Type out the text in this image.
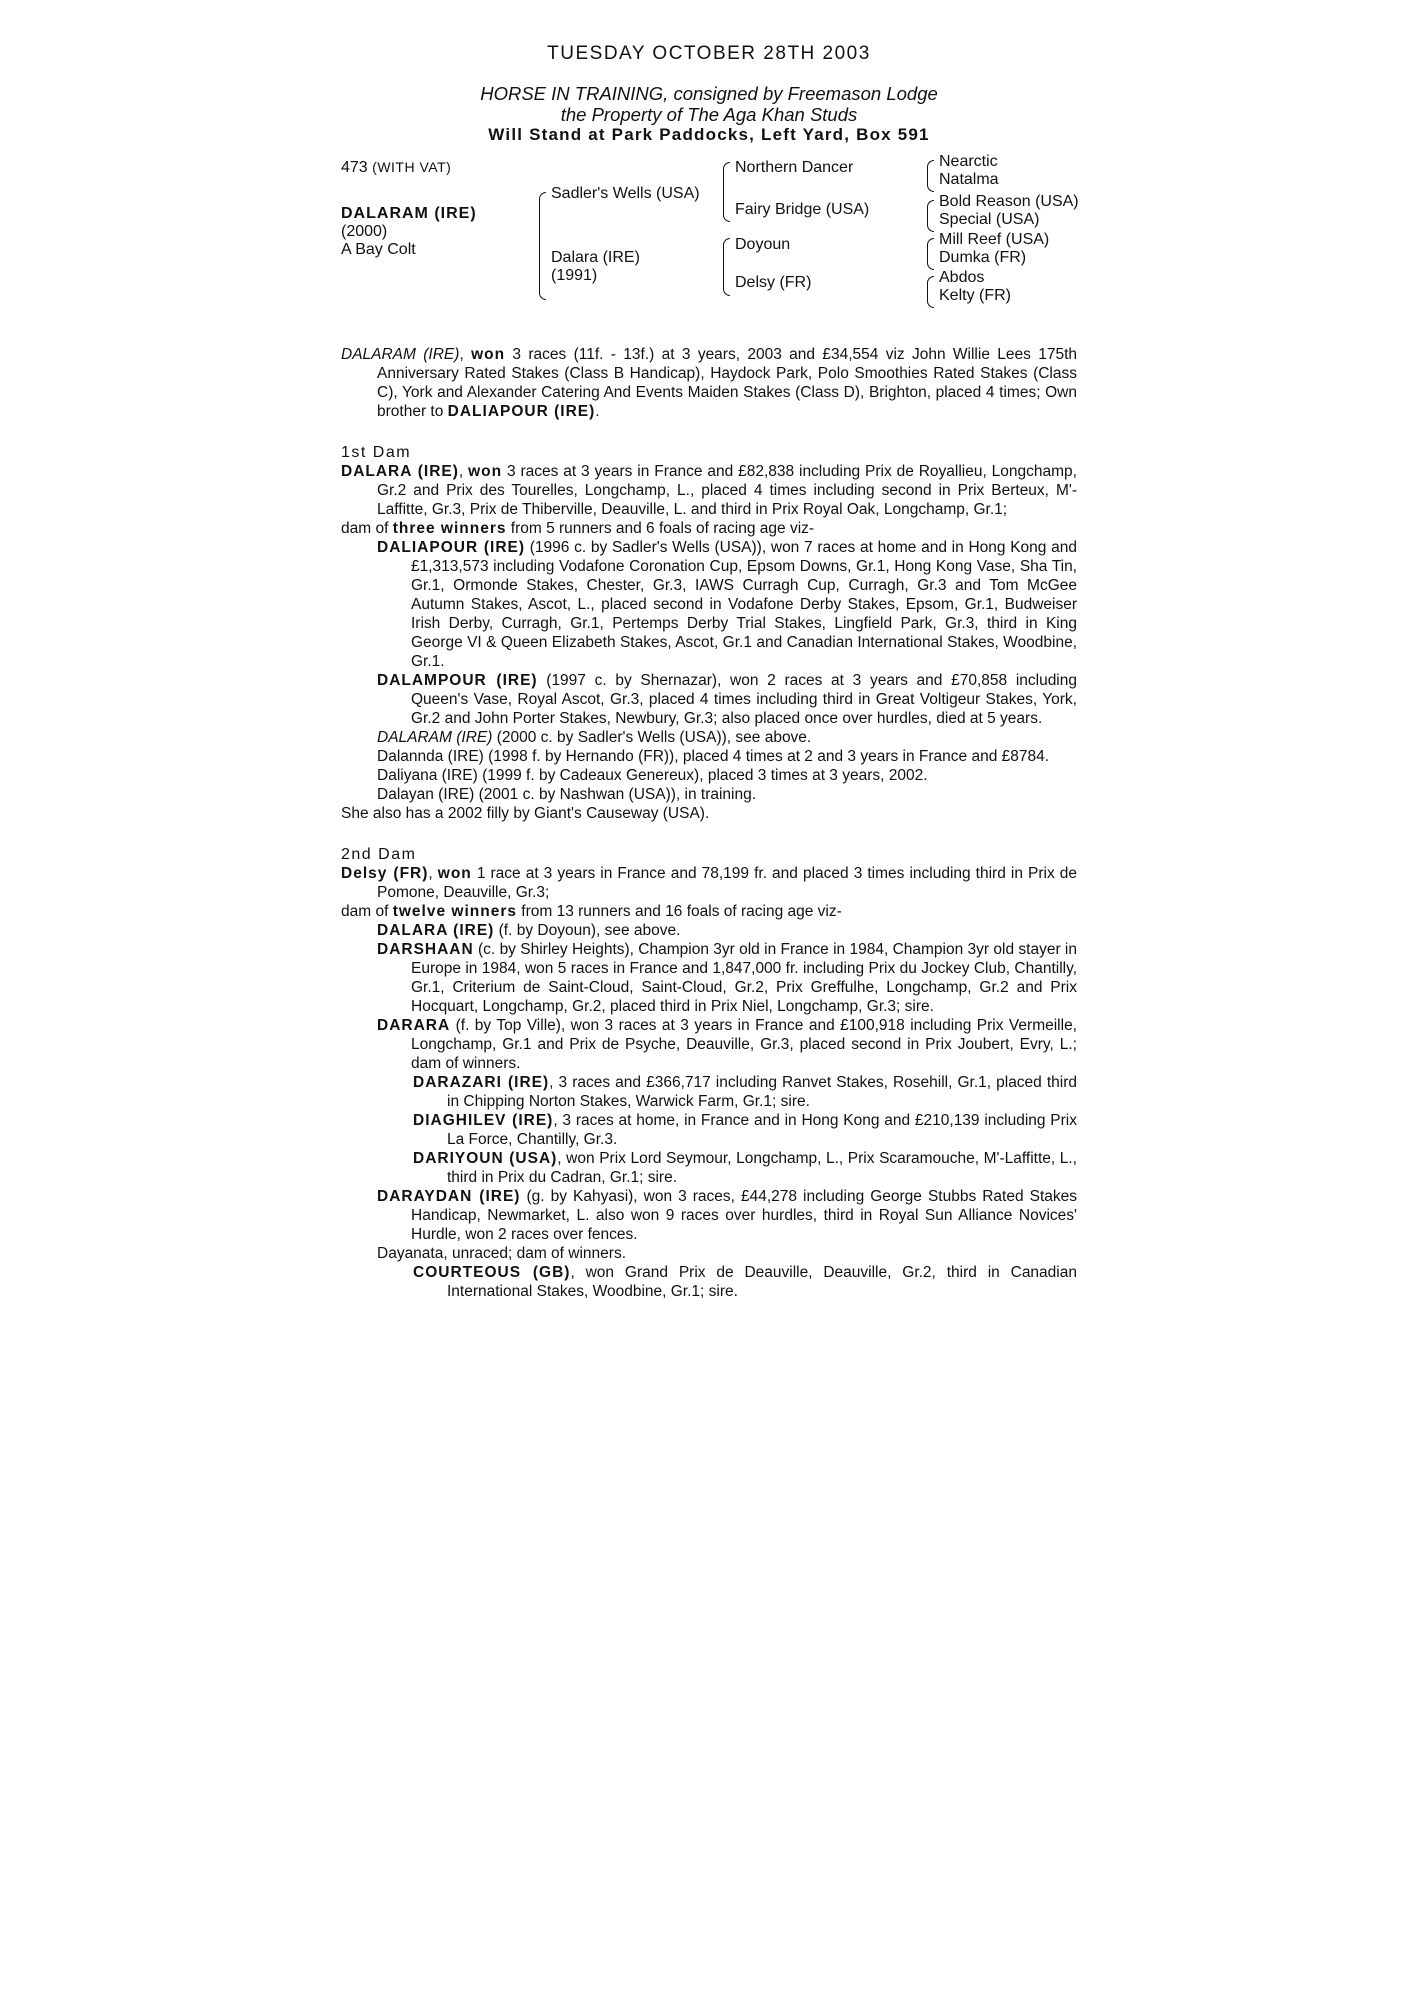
TUESDAY OCTOBER 28TH 2003
HORSE IN TRAINING, consigned by Freemason Lodge
the Property of The Aga Khan Studs
Will Stand at Park Paddocks, Left Yard, Box 591
473 (WITH VAT)
DALARAM (IRE)
(2000)
A Bay Colt
Sadler's Wells (USA)
Dalara (IRE)
(1991)
Northern Dancer
Fairy Bridge (USA)
Doyoun
Delsy (FR)
Nearctic
Natalma
Bold Reason (USA)
Special (USA)
Mill Reef (USA)
Dumka (FR)
Abdos
Kelty (FR)

DALARAM (IRE), won 3 races (11f. - 13f.) at 3 years, 2003 and £34,554 viz John Willie Lees 175th Anniversary Rated Stakes (Class B Handicap), Haydock Park, Polo Smoothies Rated Stakes (Class C), York and Alexander Catering And Events Maiden Stakes (Class D), Brighton, placed 4 times; Own brother to DALIAPOUR (IRE).

1st Dam

DALARA (IRE), won 3 races at 3 years in France and £82,838 including Prix de Royallieu, Longchamp, Gr.2 and Prix des Tourelles, Longchamp, L., placed 4 times including second in Prix Berteux, M'-Laffitte, Gr.3, Prix de Thiberville, Deauville, L. and third in Prix Royal Oak, Longchamp, Gr.1;

dam of three winners from 5 runners and 6 foals of racing age viz-

DALIAPOUR (IRE) (1996 c. by Sadler's Wells (USA)), won 7 races at home and in Hong Kong and £1,313,573 including Vodafone Coronation Cup, Epsom Downs, Gr.1, Hong Kong Vase, Sha Tin, Gr.1, Ormonde Stakes, Chester, Gr.3, IAWS Curragh Cup, Curragh, Gr.3 and Tom McGee Autumn Stakes, Ascot, L., placed second in Vodafone Derby Stakes, Epsom, Gr.1, Budweiser Irish Derby, Curragh, Gr.1, Pertemps Derby Trial Stakes, Lingfield Park, Gr.3, third in King George VI & Queen Elizabeth Stakes, Ascot, Gr.1 and Canadian International Stakes, Woodbine, Gr.1.

DALAMPOUR (IRE) (1997 c. by Shernazar), won 2 races at 3 years and £70,858 including Queen's Vase, Royal Ascot, Gr.3, placed 4 times including third in Great Voltigeur Stakes, York, Gr.2 and John Porter Stakes, Newbury, Gr.3; also placed once over hurdles, died at 5 years.

DALARAM (IRE) (2000 c. by Sadler's Wells (USA)), see above.

Dalannda (IRE) (1998 f. by Hernando (FR)), placed 4 times at 2 and 3 years in France and £8784.

Daliyana (IRE) (1999 f. by Cadeaux Genereux), placed 3 times at 3 years, 2002.

Dalayan (IRE) (2001 c. by Nashwan (USA)), in training.

She also has a 2002 filly by Giant's Causeway (USA).

2nd Dam

Delsy (FR), won 1 race at 3 years in France and 78,199 fr. and placed 3 times including third in Prix de Pomone, Deauville, Gr.3;

dam of twelve winners from 13 runners and 16 foals of racing age viz-

DALARA (IRE) (f. by Doyoun), see above.

DARSHAAN (c. by Shirley Heights), Champion 3yr old in France in 1984, Champion 3yr old stayer in Europe in 1984, won 5 races in France and 1,847,000 fr. including Prix du Jockey Club, Chantilly, Gr.1, Criterium de Saint-Cloud, Saint-Cloud, Gr.2, Prix Greffulhe, Longchamp, Gr.2 and Prix Hocquart, Longchamp, Gr.2, placed third in Prix Niel, Longchamp, Gr.3; sire.

DARARA (f. by Top Ville), won 3 races at 3 years in France and £100,918 including Prix Vermeille, Longchamp, Gr.1 and Prix de Psyche, Deauville, Gr.3, placed second in Prix Joubert, Evry, L.; dam of winners.

DARAZARI (IRE), 3 races and £366,717 including Ranvet Stakes, Rosehill, Gr.1, placed third in Chipping Norton Stakes, Warwick Farm, Gr.1; sire.

DIAGHILEV (IRE), 3 races at home, in France and in Hong Kong and £210,139 including Prix La Force, Chantilly, Gr.3.

DARIYOUN (USA), won Prix Lord Seymour, Longchamp, L., Prix Scaramouche, M'-Laffitte, L., third in Prix du Cadran, Gr.1; sire.

DARAYDAN (IRE) (g. by Kahyasi), won 3 races, £44,278 including George Stubbs Rated Stakes Handicap, Newmarket, L. also won 9 races over hurdles, third in Royal Sun Alliance Novices' Hurdle, won 2 races over fences.

Dayanata, unraced; dam of winners.

COURTEOUS (GB), won Grand Prix de Deauville, Deauville, Gr.2, third in Canadian International Stakes, Woodbine, Gr.1; sire.
